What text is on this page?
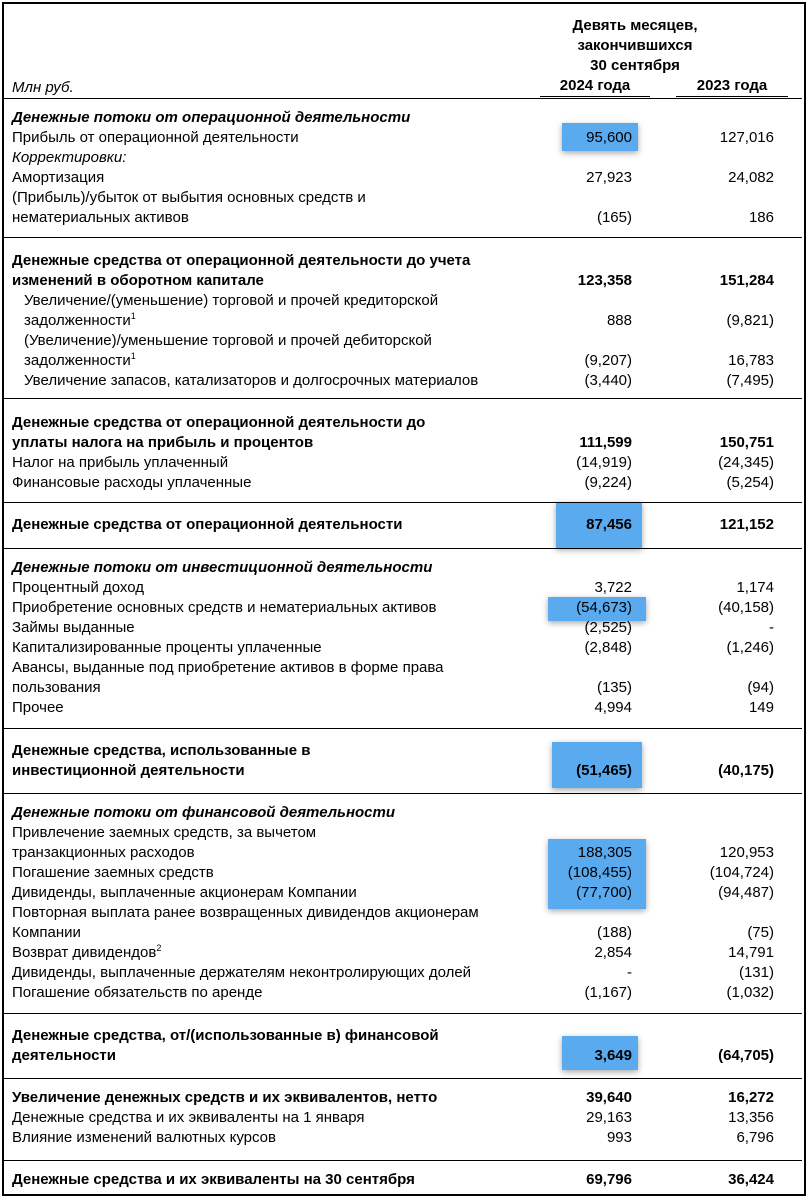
Девять месяцев,
закончившихся
30 сентября
Млн руб.	2024 года	2023 года
Денежные потоки от операционной деятельности
Прибыль от операционной деятельности	95,600	127,016
Корректировки:
Амортизация	27,923	24,082
(Прибыль)/убыток от выбытия основных средств и
нематериальных активов	(165)	186
Денежные средства от операционной деятельности до учета
изменений в оборотном капитале	123,358	151,284
Увеличение/(уменьшение) торговой и прочей кредиторской
задолженности$^1$	888	(9,821)
(Увеличение)/уменьшение торговой и прочей дебиторской
задолженности$^1$	(9,207)	16,783
Увеличение запасов, катализаторов и долгосрочных материалов	(3,440)	(7,495)
Денежные средства от операционной деятельности до
уплаты налога на прибыль и процентов	111,599	150,751
Налог на прибыль уплаченный	(14,919)	(24,345)
Финансовые расходы уплаченные	(9,224)	(5,254)
Денежные средства от операционной деятельности	87,456	121,152
Денежные потоки от инвестиционной деятельности
Процентный доход	3,722	1,174
Приобретение основных средств и нематериальных активов	(54,673)	(40,158)
Займы выданные	(2,525)	-
Капитализированные проценты уплаченные	(2,848)	(1,246)
Авансы, выданные под приобретение активов в форме права
пользования	(135)	(94)
Прочее	4,994	149
Денежные средства, использованные в
инвестиционной деятельности	(51,465)	(40,175)
Денежные потоки от финансовой деятельности
Привлечение заемных средств, за вычетом
транзакционных расходов	188,305	120,953
Погашение заемных средств	(108,455)	(104,724)
Дивиденды, выплаченные акционерам Компании	(77,700)	(94,487)
Повторная выплата ранее возвращенных дивидендов акционерам
Компании	(188)	(75)
Возврат дивидендов$^2$	2,854	14,791
Дивиденды, выплаченные держателям неконтролирующих долей	-	(131)
Погашение обязательств по аренде	(1,167)	(1,032)
Денежные средства, от/(использованные в) финансовой
деятельности	3,649	(64,705)
Увеличение денежных средств и их эквивалентов, нетто	39,640	16,272
Денежные средства и их эквиваленты на 1 января	29,163	13,356
Влияние изменений валютных курсов	993	6,796
Денежные средства и их эквиваленты на 30 сентября	69,796	36,424
